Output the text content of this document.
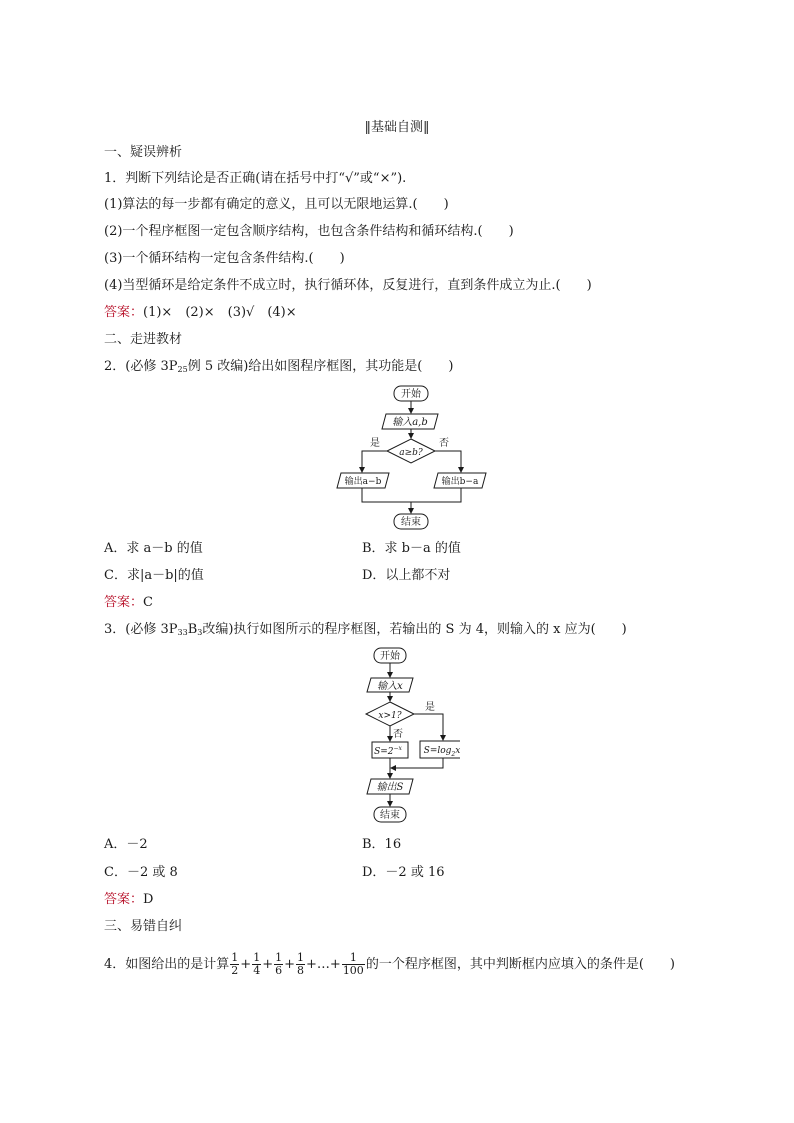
‖基础自测‖
一、疑误辨析
1．判断下列结论是否正确(请在括号中打“√”或“×”).
(1)算法的每一步都有确定的意义，且可以无限地运算.(　　)
(2)一个程序框图一定包含顺序结构，也包含条件结构和循环结构.(　　)
(3)一个循环结构一定包含条件结构.(　　)
(4)当型循环是给定条件不成立时，执行循环体，反复进行，直到条件成立为止.(　　)
答案：(1)×　(2)×　(3)√　(4)×
二、走进教材
2．(必修 $3P_{25}$例 5 改编)给出如图程序框图，其功能是(　　)
开始
输入a,b
a≥b?
是	否
输出a−b	输出b−a
结束
A．求 a－b 的值	B．求 b－a 的值
C．求|a－b|的值	D．以上都不对
答案：C
3．(必修 $3P_{33}B_3$改编)执行如图所示的程序框图，若输出的 S 为 4，则输入的 x 应为(　　)
开始
输入x
x>1?
是
否
$S=2^{-x}$ $S=\log_2x$
输出S
结束
A．－2	B．16
C．－2 或 8	D．－2 或 16
答案：D
三、易错自纠
4．如图给出的是计算 $\frac{1}{2} + \frac{1}{4} + \frac{1}{6} + \frac{1}{8}$ +…+ $\frac{1}{100}$ 的一个程序框图，其中判断框内应填入的条件是(　　)
